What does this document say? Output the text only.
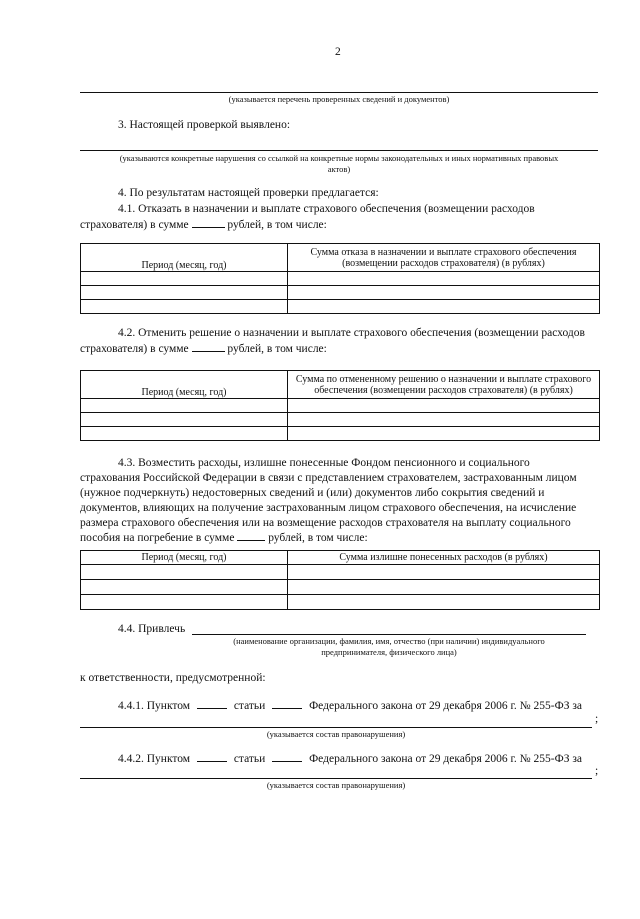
2
(указывается перечень проверенных сведений и документов)
3. Настоящей проверкой выявлено:
(указываются конкретные нарушения со ссылкой на конкретные нормы законодательных и иных нормативных правовых
актов)
4. По результатам настоящей проверки предлагается:
4.1. Отказать в назначении и выплате страхового обеспечения (возмещении расходов
страхователя) в сумме	рублей, в том числе:
Период (месяц, год)	Сумма отказа в назначении и выплате страхового обеспечения
(возмещении расходов страхователя) (в рублях)

4.2. Отменить решение о назначении и выплате страхового обеспечения (возмещении расходов
страхователя) в сумме	рублей, в том числе:
Период (месяц, год)	Сумма по отмененному решению о назначении и выплате страхового
обеспечения (возмещении расходов страхователя) (в рублях)

4.3. Возместить расходы, излишне понесенные Фондом пенсионного и социального
страхования Российской Федерации в связи с представлением страхователем, застрахованным лицом
(нужное подчеркнуть) недостоверных сведений и (или) документов либо сокрытия сведений и
документов, влияющих на получение застрахованным лицом страхового обеспечения, на исчисление
размера страхового обеспечения или на возмещение расходов страхователя на выплату социального
пособия на погребение в сумме	рублей, в том числе:
Период (месяц, год)	Сумма излишне понесенных расходов (в рублях)

4.4. Привлечь
(наименование организации, фамилия, имя, отчество (при наличии) индивидуального
предпринимателя, физического лица)
к ответственности, предусмотренной:
4.4.1. Пунктом	статьи	Федерального закона от 29 декабря 2006 г. № 255-ФЗ за
;
(указывается состав правонарушения)
4.4.2. Пунктом	статьи	Федерального закона от 29 декабря 2006 г. № 255-ФЗ за
;
(указывается состав правонарушения)
